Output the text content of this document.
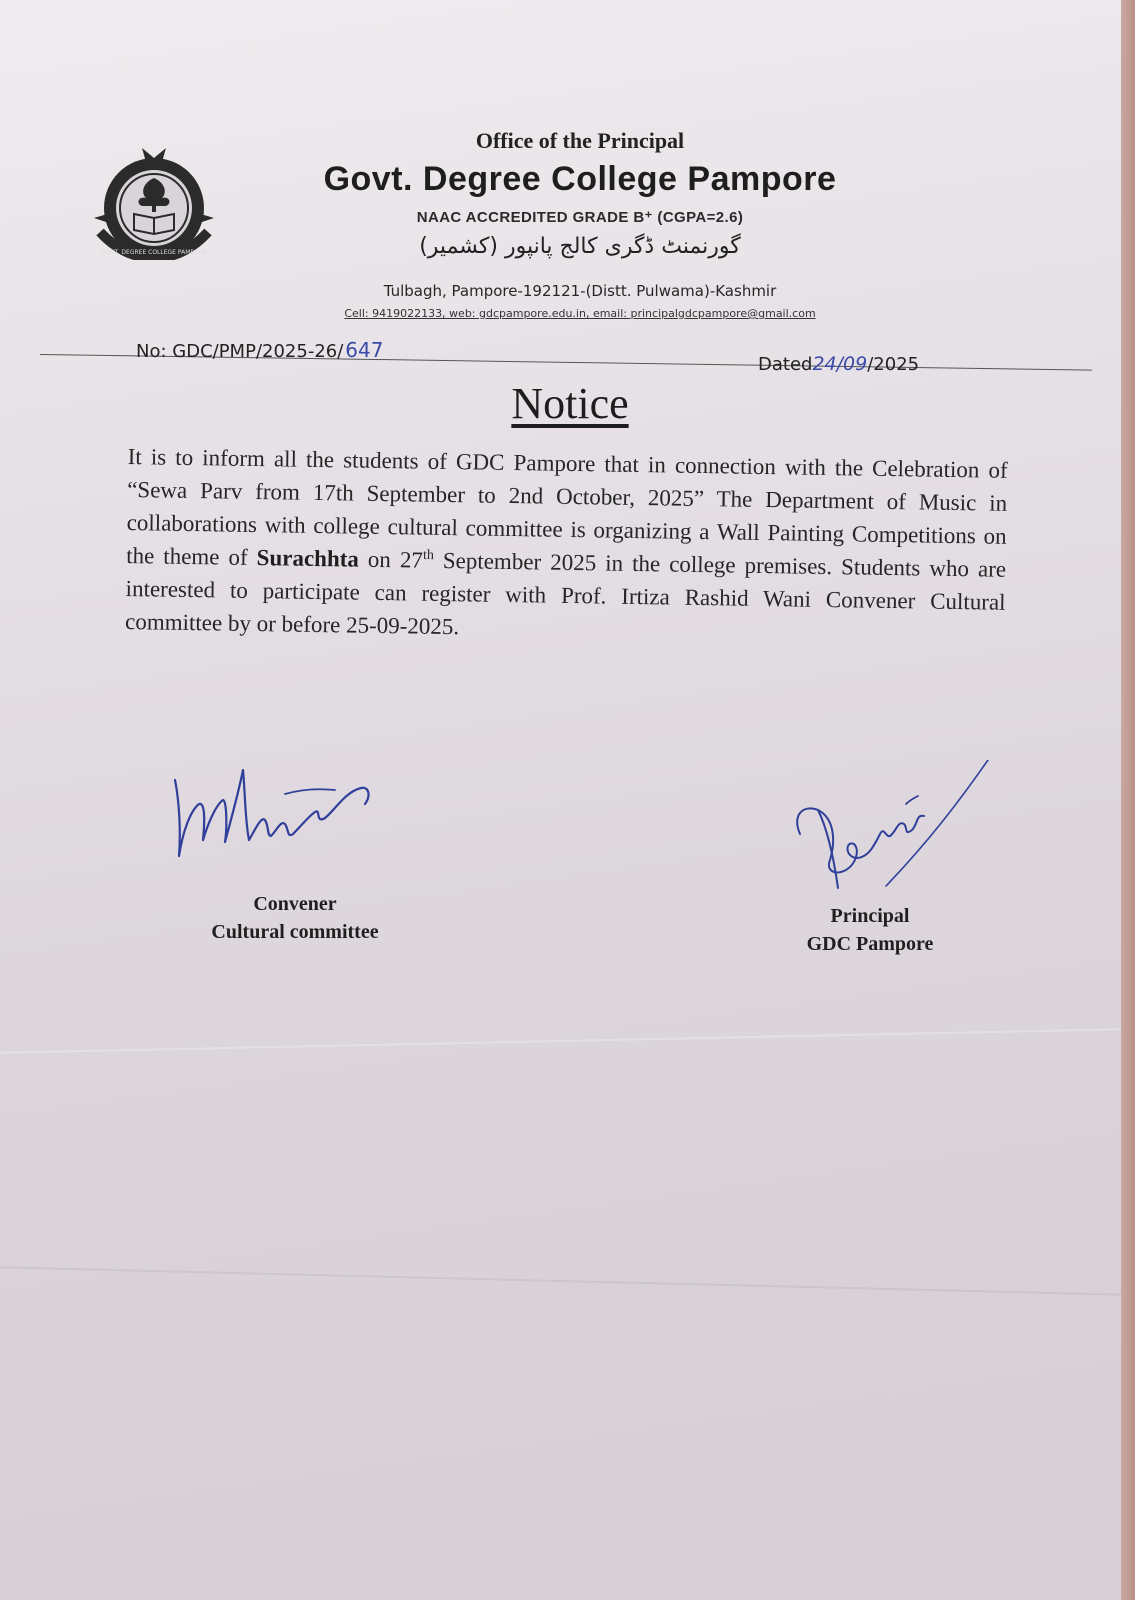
GOVT. DEGREE COLLEGE PAMPORE
Office of the Principal
Govt. Degree College Pampore
NAAC ACCREDITED GRADE B⁺ (CGPA=2.6)
گورنمنٹ ڈگری کالج پانپور (کشمیر)
Tulbagh, Pampore-192121-(Distt. Pulwama)-Kashmir
Cell: 9419022133, web: gdcpampore.edu.in, email: principalgdcpampore@gmail.com
No: GDC/PMP/2025-26/ 647
Dated24/09/2025
Notice
It is to inform all the students of GDC Pampore that in connection with the Celebration of “Sewa Parv from 17th September to 2nd October, 2025” The Department of Music in collaborations with college cultural committee is organizing a Wall Painting Competitions on the theme of Surachhta on 27th September 2025 in the college premises. Students who are interested to participate can register with Prof. Irtiza Rashid Wani Convener Cultural committee by or before 25-09-2025.
Convener
Cultural committee
Principal
GDC Pampore
